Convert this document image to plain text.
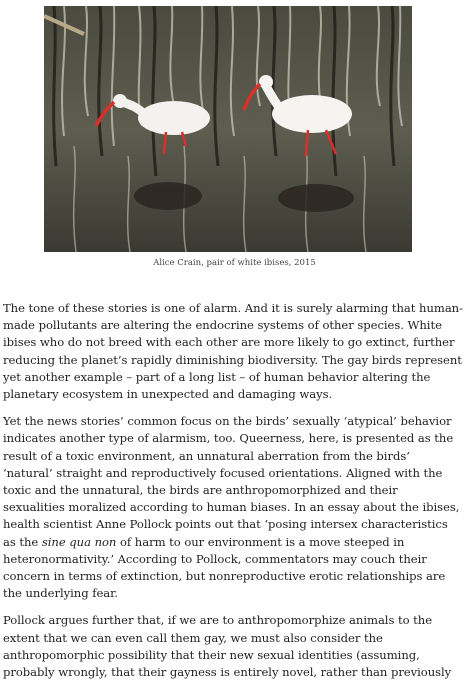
Alice Crain, pair of white ibises, 2015

The tone of these stories is one of alarm. And it is surely alarming that human-made pollutants are altering the endocrine systems of other species. White ibises who do not breed with each other are more likely to go extinct, further reducing the planet’s rapidly diminishing biodiversity. The gay birds represent yet another example – part of a long list – of human behavior altering the planetary ecosystem in unexpected and damaging ways.

Yet the news stories’ common focus on the birds’ sexually ‘atypical’ behavior indicates another type of alarmism, too. Queerness, here, is presented as the result of a toxic environment, an unnatural aberration from the birds’ ‘natural’ straight and reproductively focused orientations. Aligned with the toxic and the unnatural, the birds are anthropomorphized and their sexualities moralized according to human biases. In an essay about the ibises, health scientist Anne Pollock points out that ‘posing intersex characteristics as the sine qua non of harm to our environment is a move steeped in heteronormativity.’ According to Pollock, commentators may couch their concern in terms of extinction, but nonreproductive erotic relationships are the underlying fear.

Pollock argues further that, if we are to anthropomorphize animals to the extent that we can even call them gay, we must also consider the anthropomorphic possibility that their new sexual identities (assuming, probably wrongly, that their gayness is entirely novel, rather than previously
